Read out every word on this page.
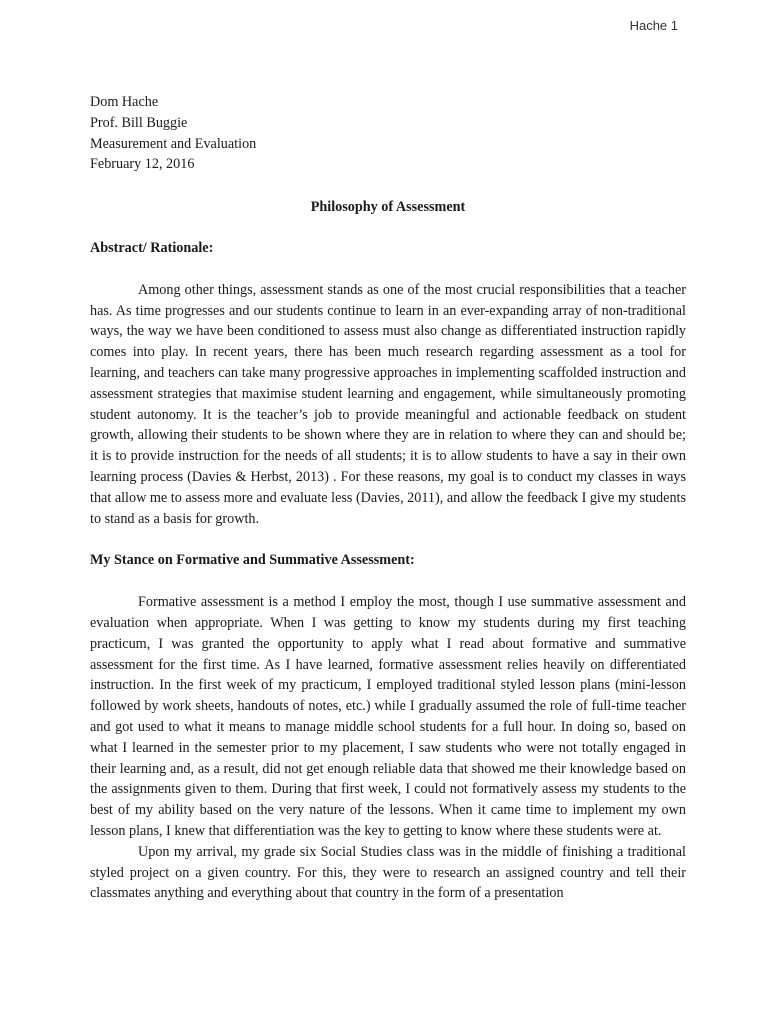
Hache 1

Dom Hache

Prof. Bill Buggie

Measurement and Evaluation

February 12, 2016

Philosophy of Assessment
Abstract/ Rationale:

Among other things, assessment stands as one of the most crucial responsibilities that a teacher has. As time progresses and our students continue to learn in an ever-expanding array of non-traditional ways, the way we have been conditioned to assess must also change as differentiated instruction rapidly comes into play. In recent years, there has been much research regarding assessment as a tool for learning, and teachers can take many progressive approaches in implementing scaffolded instruction and assessment strategies that maximise student learning and engagement, while simultaneously promoting student autonomy. It is the teacher’s job to provide meaningful and actionable feedback on student growth, allowing their students to be shown where they are in relation to where they can and should be; it is to provide instruction for the needs of all students; it is to allow students to have a say in their own learning process (Davies & Herbst, 2013) . For these reasons, my goal is to conduct my classes in ways that allow me to assess more and evaluate less (Davies, 2011), and allow the feedback I give my students to stand as a basis for growth.

My Stance on Formative and Summative Assessment:

Formative assessment is a method I employ the most, though I use summative assessment and evaluation when appropriate. When I was getting to know my students during my first teaching practicum, I was granted the opportunity to apply what I read about formative and summative assessment for the first time. As I have learned, formative assessment relies heavily on differentiated instruction. In the first week of my practicum, I employed traditional styled lesson plans (mini-lesson followed by work sheets, handouts of notes, etc.) while I gradually assumed the role of full-time teacher and got used to what it means to manage middle school students for a full hour. In doing so, based on what I learned in the semester prior to my placement, I saw students who were not totally engaged in their learning and, as a result, did not get enough reliable data that showed me their knowledge based on the assignments given to them. During that first week, I could not formatively assess my students to the best of my ability based on the very nature of the lessons. When it came time to implement my own lesson plans, I knew that differentiation was the key to getting to know where these students were at.

Upon my arrival, my grade six Social Studies class was in the middle of finishing a traditional styled project on a given country. For this, they were to research an assigned country and tell their classmates anything and everything about that country in the form of a presentation
